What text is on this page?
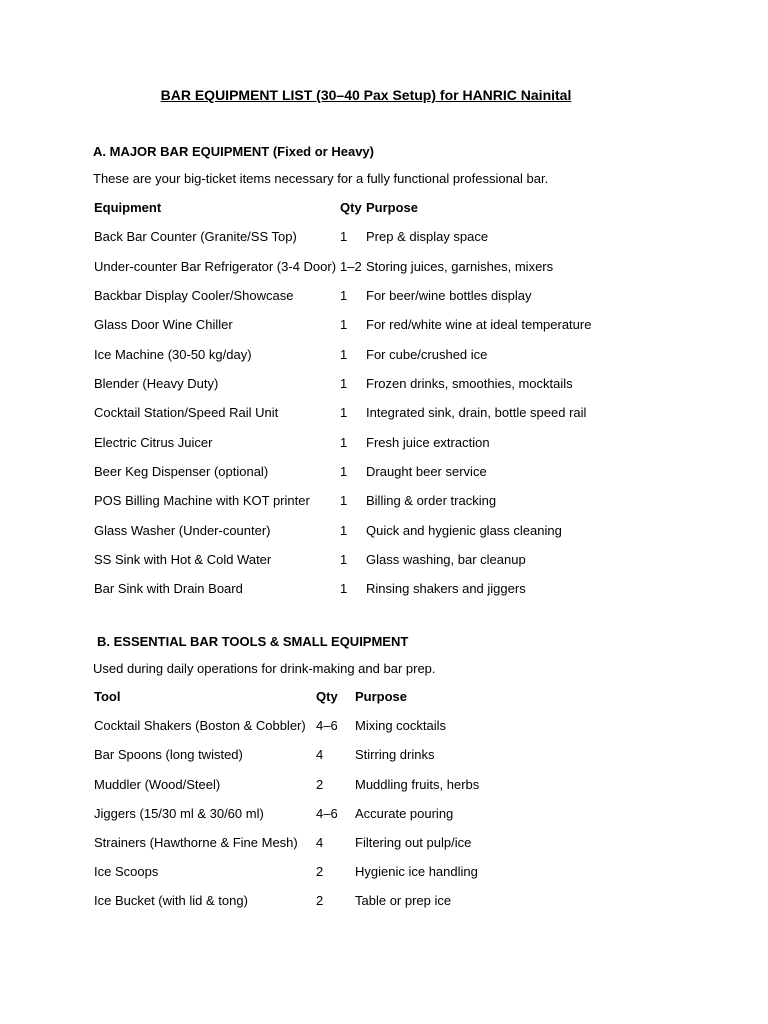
BAR EQUIPMENT LIST (30–40 Pax Setup) for HANRIC Nainital
A. MAJOR BAR EQUIPMENT (Fixed or Heavy)
These are your big-ticket items necessary for a fully functional professional bar.
Equipment	Qty Purpose
Back Bar Counter (Granite/SS Top)	1 Prep & display space
Under-counter Bar Refrigerator (3-4 Door) 1–2 Storing juices, garnishes, mixers
Backbar Display Cooler/Showcase	1 For beer/wine bottles display
Glass Door Wine Chiller	1 For red/white wine at ideal temperature
Ice Machine (30-50 kg/day)	1 For cube/crushed ice
Blender (Heavy Duty)	1 Frozen drinks, smoothies, mocktails
Cocktail Station/Speed Rail Unit	1 Integrated sink, drain, bottle speed rail
Electric Citrus Juicer	1 Fresh juice extraction
Beer Keg Dispenser (optional)	1 Draught beer service
POS Billing Machine with KOT printer 1 Billing & order tracking
Glass Washer (Under-counter)	1 Quick and hygienic glass cleaning
SS Sink with Hot & Cold Water	1 Glass washing, bar cleanup
Bar Sink with Drain Board	1 Rinsing shakers and jiggers
B. ESSENTIAL BAR TOOLS & SMALL EQUIPMENT
Used during daily operations for drink-making and bar prep.
Tool	Qty Purpose
Cocktail Shakers (Boston & Cobbler) 4–6 Mixing cocktails
Bar Spoons (long twisted)	4 Stirring drinks
Muddler (Wood/Steel)	2 Muddling fruits, herbs
Jiggers (15/30 ml & 30/60 ml)	4–6 Accurate pouring
Strainers (Hawthorne & Fine Mesh) 4 Filtering out pulp/ice
Ice Scoops	2 Hygienic ice handling
Ice Bucket (with lid & tong)	2 Table or prep ice
